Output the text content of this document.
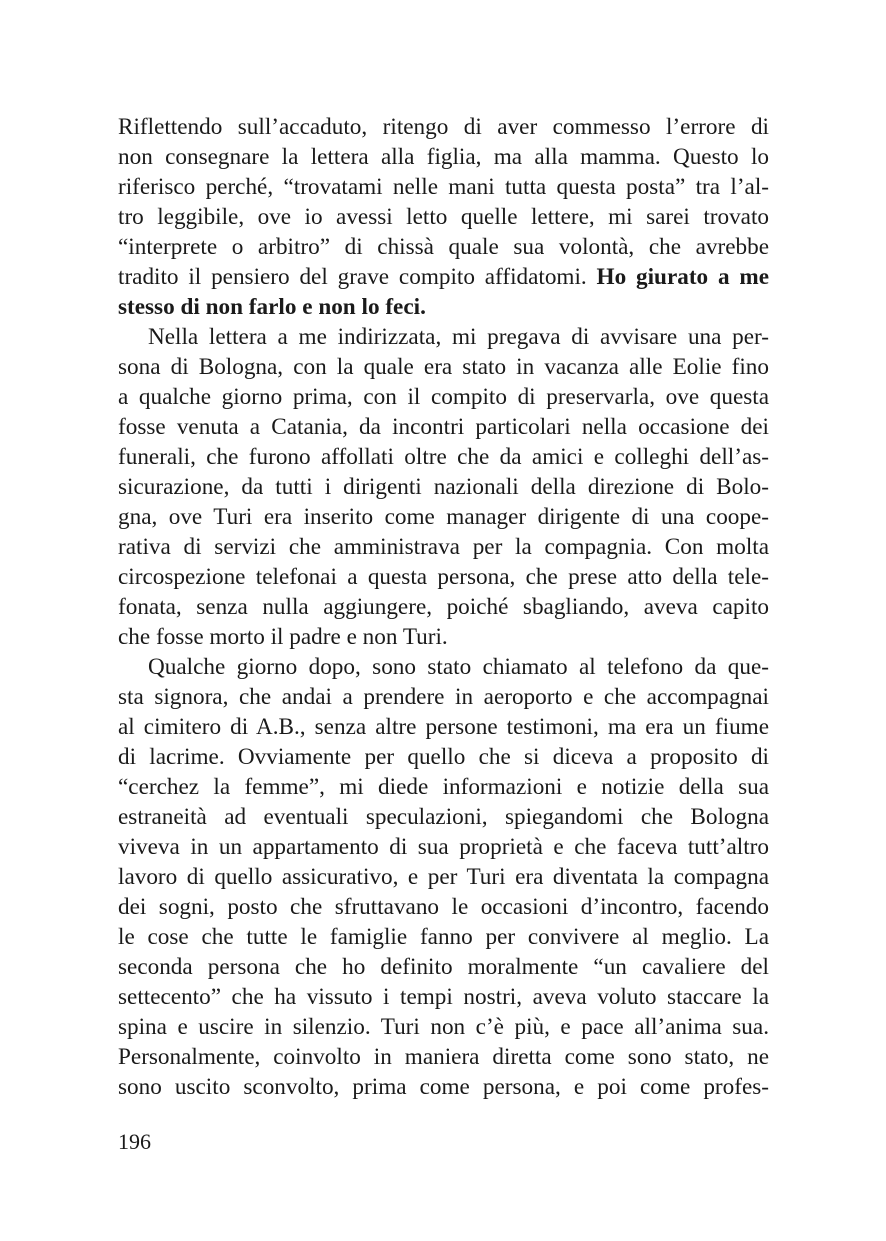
Riflettendo sull’accaduto, ritengo di aver commesso l’errore di
non consegnare la lettera alla figlia, ma alla mamma. Questo lo
riferisco perché, “trovatami nelle mani tutta questa posta” tra l’al-
tro leggibile, ove io avessi letto quelle lettere, mi sarei trovato
“interprete o arbitro” di chissà quale sua volontà, che avrebbe
tradito il pensiero del grave compito affidatomi. Ho giurato a me
stesso di non farlo e non lo feci.
Nella lettera a me indirizzata, mi pregava di avvisare una per-
sona di Bologna, con la quale era stato in vacanza alle Eolie fino
a qualche giorno prima, con il compito di preservarla, ove questa
fosse venuta a Catania, da incontri particolari nella occasione dei
funerali, che furono affollati oltre che da amici e colleghi dell’as-
sicurazione, da tutti i dirigenti nazionali della direzione di Bolo-
gna, ove Turi era inserito come manager dirigente di una coope-
rativa di servizi che amministrava per la compagnia. Con molta
circospezione telefonai a questa persona, che prese atto della tele-
fonata, senza nulla aggiungere, poiché sbagliando, aveva capito
che fosse morto il padre e non Turi.
Qualche giorno dopo, sono stato chiamato al telefono da que-
sta signora, che andai a prendere in aeroporto e che accompagnai
al cimitero di A.B., senza altre persone testimoni, ma era un fiume
di lacrime. Ovviamente per quello che si diceva a proposito di
“cerchez la femme”, mi diede informazioni e notizie della sua
estraneità ad eventuali speculazioni, spiegandomi che Bologna
viveva in un appartamento di sua proprietà e che faceva tutt’altro
lavoro di quello assicurativo, e per Turi era diventata la compagna
dei sogni, posto che sfruttavano le occasioni d’incontro, facendo
le cose che tutte le famiglie fanno per convivere al meglio. La
seconda persona che ho definito moralmente “un cavaliere del
settecento” che ha vissuto i tempi nostri, aveva voluto staccare la
spina e uscire in silenzio. Turi non c’è più, e pace all’anima sua.
Personalmente, coinvolto in maniera diretta come sono stato, ne
sono uscito sconvolto, prima come persona, e poi come profes-
196
